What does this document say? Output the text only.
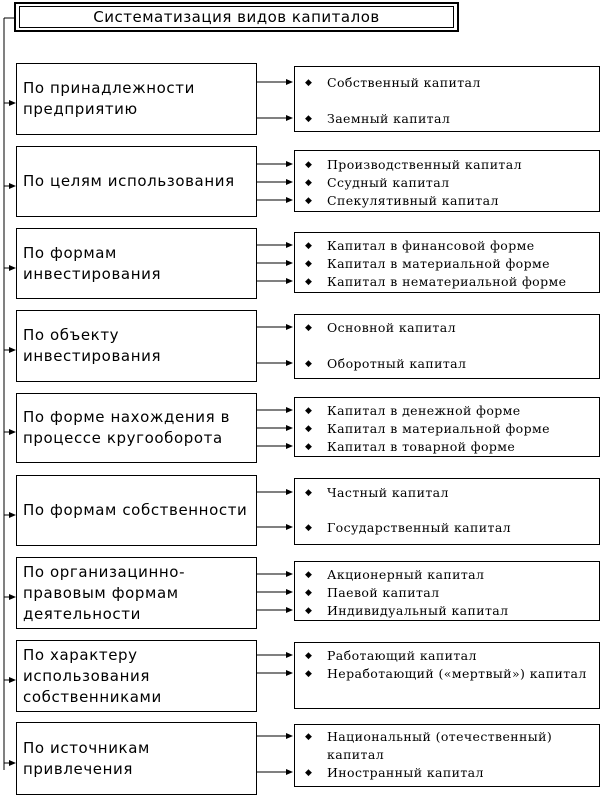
Систематизация видов капиталов
По принадлежности предприятию
◆	Собственный капитал
◆	Заемный капитал
По целям использования
◆	Производственный капитал
◆	Ссудный капитал
◆	Спекулятивный капитал
По формам инвестирования
◆	Капитал в финансовой форме
◆	Капитал в материальной форме
◆	Капитал в нематериальной форме
По объекту инвестирования
◆	Основной капитал
◆	Оборотный капитал
По форме нахождения в процессе кругооборота
◆	Капитал в денежной форме
◆	Капитал в материальной форме
◆	Капитал в товарной форме
По формам собственности
◆	Частный капитал
◆	Государственный капитал
По организацинно-правовым формам деятельности
◆	Акционерный капитал
◆	Паевой капитал
◆	Индивидуальный капитал
По характеру использования собственниками
◆	Работающий капитал
◆	Неработающий («мертвый») капитал
По источникам привлечения
◆	Национальный (отечественный) капитал
◆	Иностранный капитал
